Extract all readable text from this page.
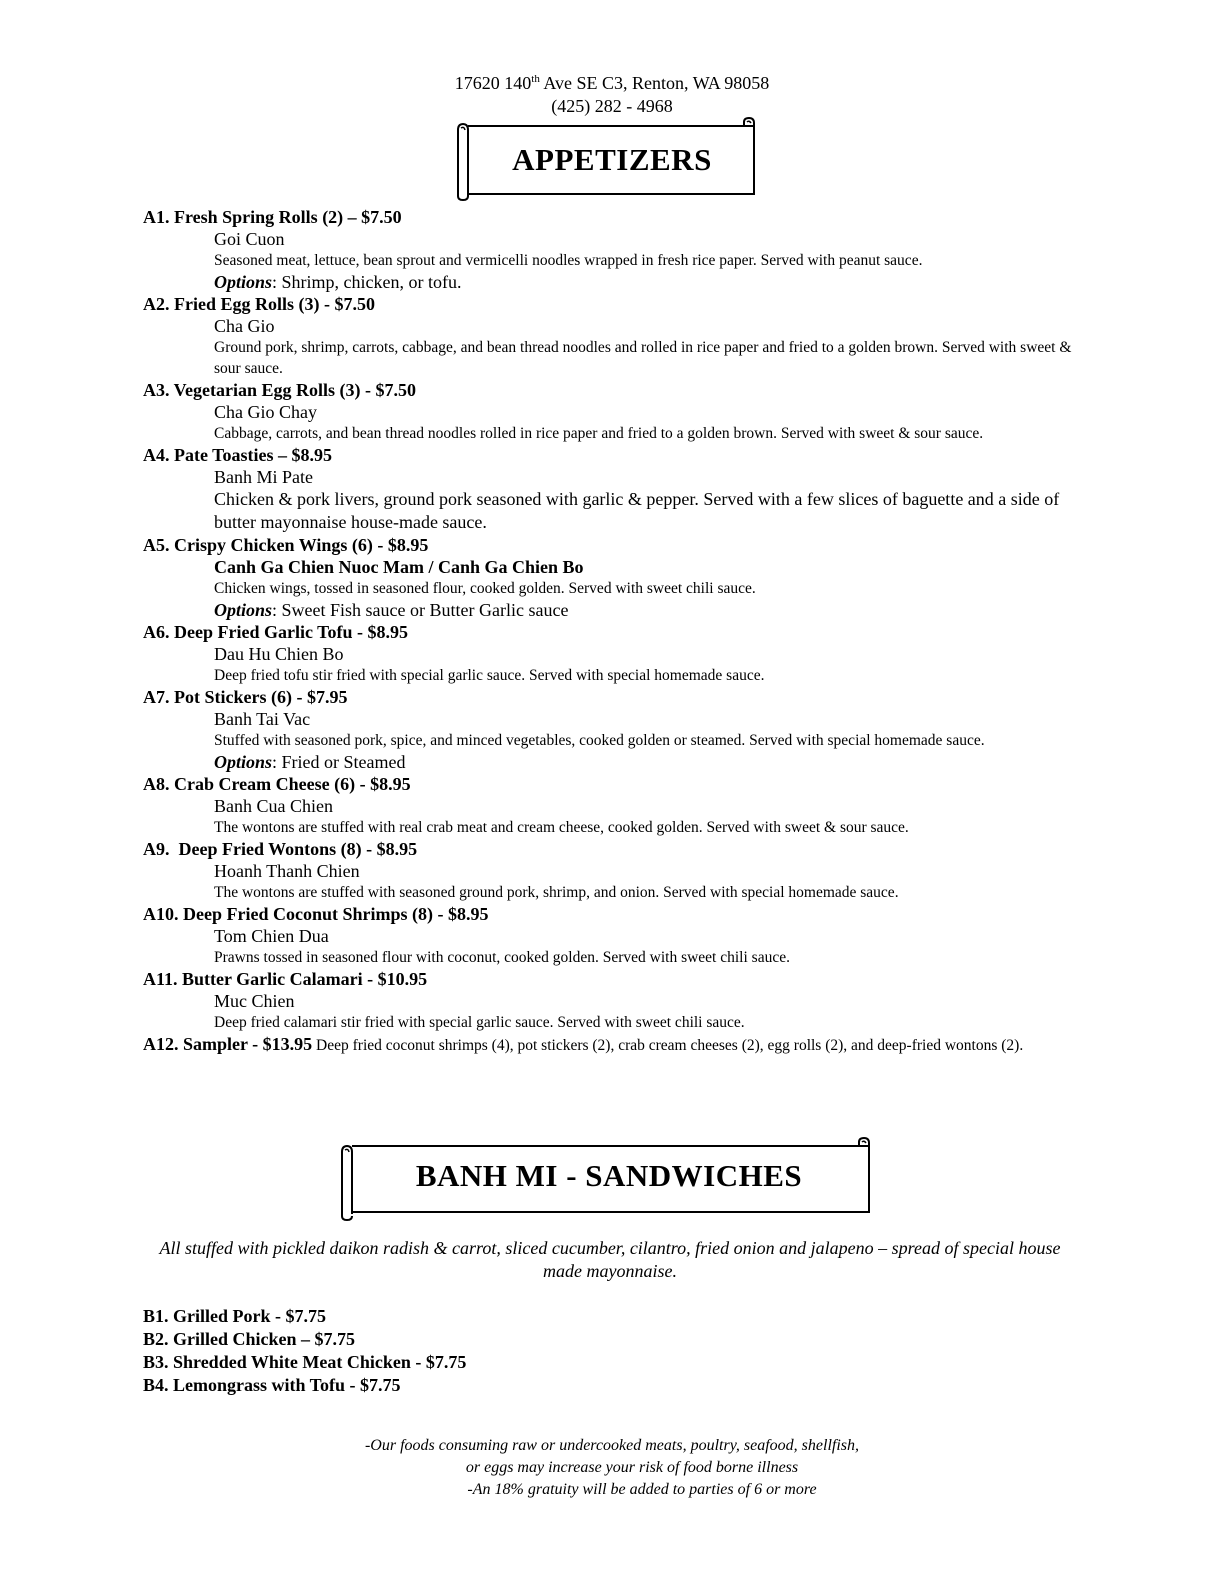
17620 140th Ave SE C3, Renton, WA 98058
(425) 282 - 4968
APPETIZERS
A1. Fresh Spring Rolls (2) – $7.50
Goi Cuon
Seasoned meat, lettuce, bean sprout and vermicelli noodles wrapped in fresh rice paper. Served with peanut sauce.
Options: Shrimp, chicken, or tofu.
A2. Fried Egg Rolls (3) - $7.50
Cha Gio
Ground pork, shrimp, carrots, cabbage, and bean thread noodles and rolled in rice paper and fried to a golden brown. Served with sweet & sour sauce.
A3. Vegetarian Egg Rolls (3) - $7.50
Cha Gio Chay
Cabbage, carrots, and bean thread noodles rolled in rice paper and fried to a golden brown. Served with sweet & sour sauce.
A4. Pate Toasties – $8.95
Banh Mi Pate
Chicken & pork livers, ground pork seasoned with garlic & pepper. Served with a few slices of baguette and a side of butter mayonnaise house-made sauce.
A5. Crispy Chicken Wings (6) - $8.95
Canh Ga Chien Nuoc Mam / Canh Ga Chien Bo
Chicken wings, tossed in seasoned flour, cooked golden. Served with sweet chili sauce.
Options: Sweet Fish sauce or Butter Garlic sauce
A6. Deep Fried Garlic Tofu - $8.95
Dau Hu Chien Bo
Deep fried tofu stir fried with special garlic sauce. Served with special homemade sauce.
A7. Pot Stickers (6) - $7.95
Banh Tai Vac
Stuffed with seasoned pork, spice, and minced vegetables, cooked golden or steamed. Served with special homemade sauce.
Options: Fried or Steamed
A8. Crab Cream Cheese (6) - $8.95
Banh Cua Chien
The wontons are stuffed with real crab meat and cream cheese, cooked golden. Served with sweet & sour sauce.
A9.  Deep Fried Wontons (8) - $8.95
Hoanh Thanh Chien
The wontons are stuffed with seasoned ground pork, shrimp, and onion. Served with special homemade sauce.
A10. Deep Fried Coconut Shrimps (8) - $8.95
Tom Chien Dua
Prawns tossed in seasoned flour with coconut, cooked golden. Served with sweet chili sauce.
A11. Butter Garlic Calamari - $10.95
Muc Chien
Deep fried calamari stir fried with special garlic sauce. Served with sweet chili sauce.
A12. Sampler - $13.95 Deep fried coconut shrimps (4), pot stickers (2), crab cream cheeses (2), egg rolls (2), and deep-fried wontons (2).
BANH MI - SANDWICHES
All stuffed with pickled daikon radish & carrot, sliced cucumber, cilantro, fried onion and jalapeno – spread of special house made mayonnaise.
B1. Grilled Pork - $7.75
B2. Grilled Chicken – $7.75
B3. Shredded White Meat Chicken - $7.75
B4. Lemongrass with Tofu - $7.75
-Our foods consuming raw or undercooked meats, poultry, seafood, shellfish,
or eggs may increase your risk of food borne illness
-An 18% gratuity will be added to parties of 6 or more
